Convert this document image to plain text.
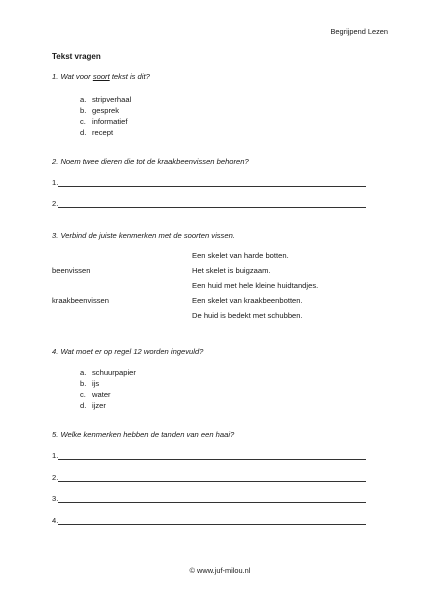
Begrijpend Lezen
Tekst vragen
1. Wat voor soort tekst is dit?
a. stripverhaal
b. gesprek
c. informatief
d. recept
2. Noem twee dieren die tot de kraakbeenvissen behoren?
1.
2.
3. Verbind de juiste kenmerken met de soorten vissen.
Een skelet van harde botten.
beenvissen	Het skelet is buigzaam.
Een huid met hele kleine huidtandjes.
kraakbeenvissen	Een skelet van kraakbeenbotten.
De huid is bedekt met schubben.
4. Wat moet er op regel 12 worden ingevuld?
a. schuurpapier
b. ijs
c. water
d. ijzer
5. Welke kenmerken hebben de tanden van een haai?
1.
2.
3.
4.
© www.juf-milou.nl
